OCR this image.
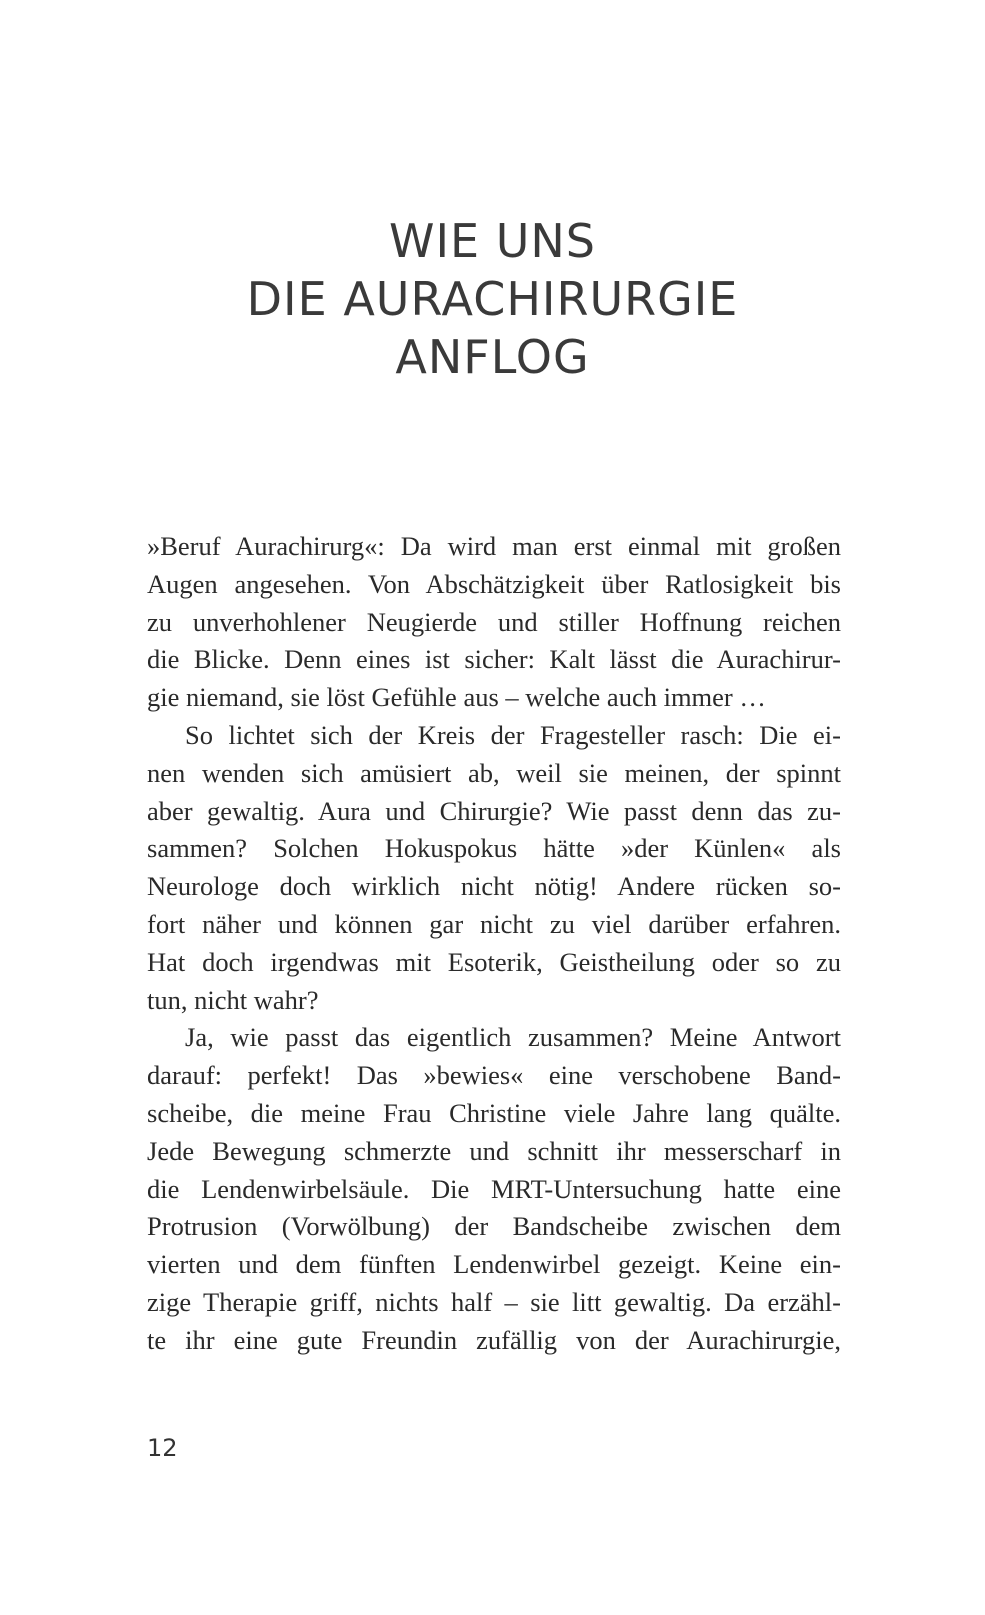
WIE UNS
DIE AURACHIRURGIE
ANFLOG
»Beruf Aurachirurg«: Da wird man erst einmal mit großen
Augen angesehen. Von Abschätzigkeit über Ratlosigkeit bis
zu unverhohlener Neugierde und stiller Hoffnung reichen
die Blicke. Denn eines ist sicher: Kalt lässt die Aurachirur-
gie niemand, sie löst Gefühle aus – welche auch immer …
So lichtet sich der Kreis der Fragesteller rasch: Die ei-
nen wenden sich amüsiert ab, weil sie meinen, der spinnt
aber gewaltig. Aura und Chirurgie? Wie passt denn das zu-
sammen? Solchen Hokuspokus hätte »der Künlen« als
Neurologe doch wirklich nicht nötig! Andere rücken so-
fort näher und können gar nicht zu viel darüber erfahren.
Hat doch irgendwas mit Esoterik, Geistheilung oder so zu
tun, nicht wahr?
Ja, wie passt das eigentlich zusammen? Meine Antwort
darauf: perfekt! Das »bewies« eine verschobene Band-
scheibe, die meine Frau Christine viele Jahre lang quälte.
Jede Bewegung schmerzte und schnitt ihr messerscharf in
die Lendenwirbelsäule. Die MRT-Untersuchung hatte eine
Protrusion (Vorwölbung) der Bandscheibe zwischen dem
vierten und dem fünften Lendenwirbel gezeigt. Keine ein-
zige Therapie griff, nichts half – sie litt gewaltig. Da erzähl-
te ihr eine gute Freundin zufällig von der Aurachirurgie,
12
